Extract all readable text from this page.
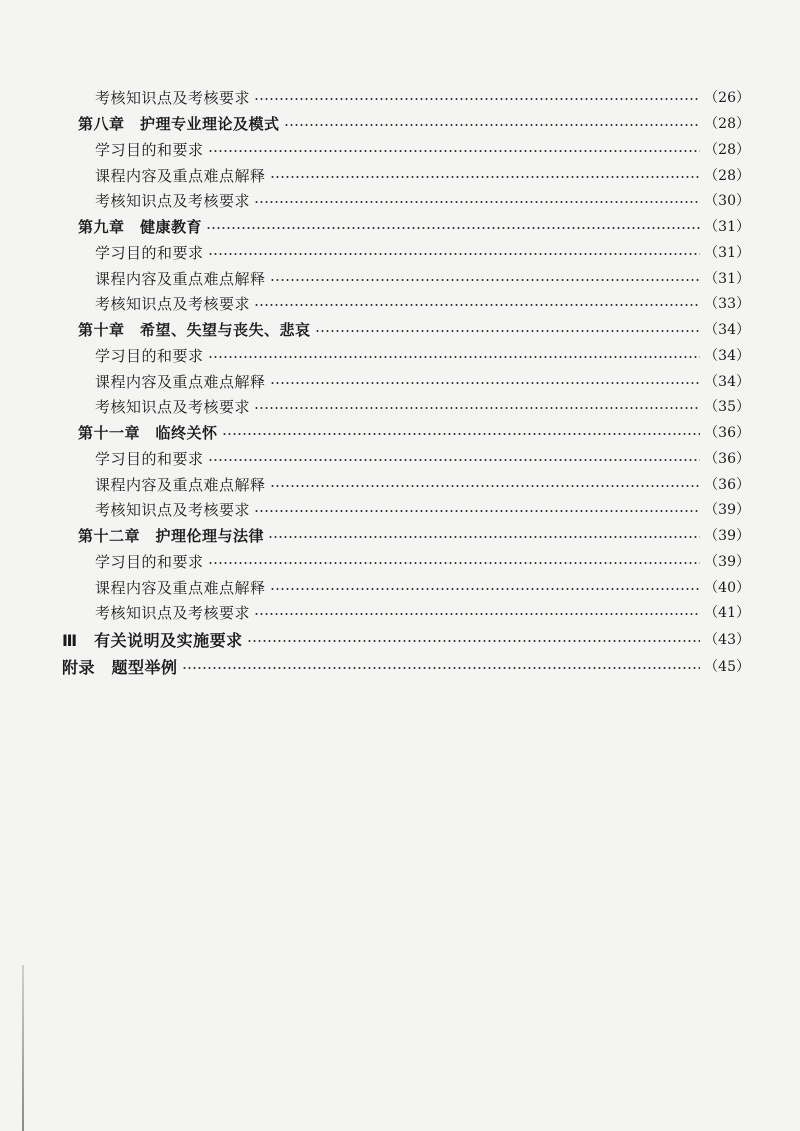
考核知识点及考核要求	（26）
第八章　护理专业理论及模式	（28）
学习目的和要求	（28）
课程内容及重点难点解释	（28）
考核知识点及考核要求	（30）
第九章　健康教育	（31）
学习目的和要求	（31）
课程内容及重点难点解释	（31）
考核知识点及考核要求	（33）
第十章　希望、失望与丧失、悲哀	（34）
学习目的和要求	（34）
课程内容及重点难点解释	（34）
考核知识点及考核要求	（35）
第十一章　临终关怀	（36）
学习目的和要求	（36）
课程内容及重点难点解释	（36）
考核知识点及考核要求	（39）
第十二章　护理伦理与法律	（39）
学习目的和要求	（39）
课程内容及重点难点解释	（40）
考核知识点及考核要求	（41）
Ⅲ　有关说明及实施要求	（43）
附录　题型举例	（45）
